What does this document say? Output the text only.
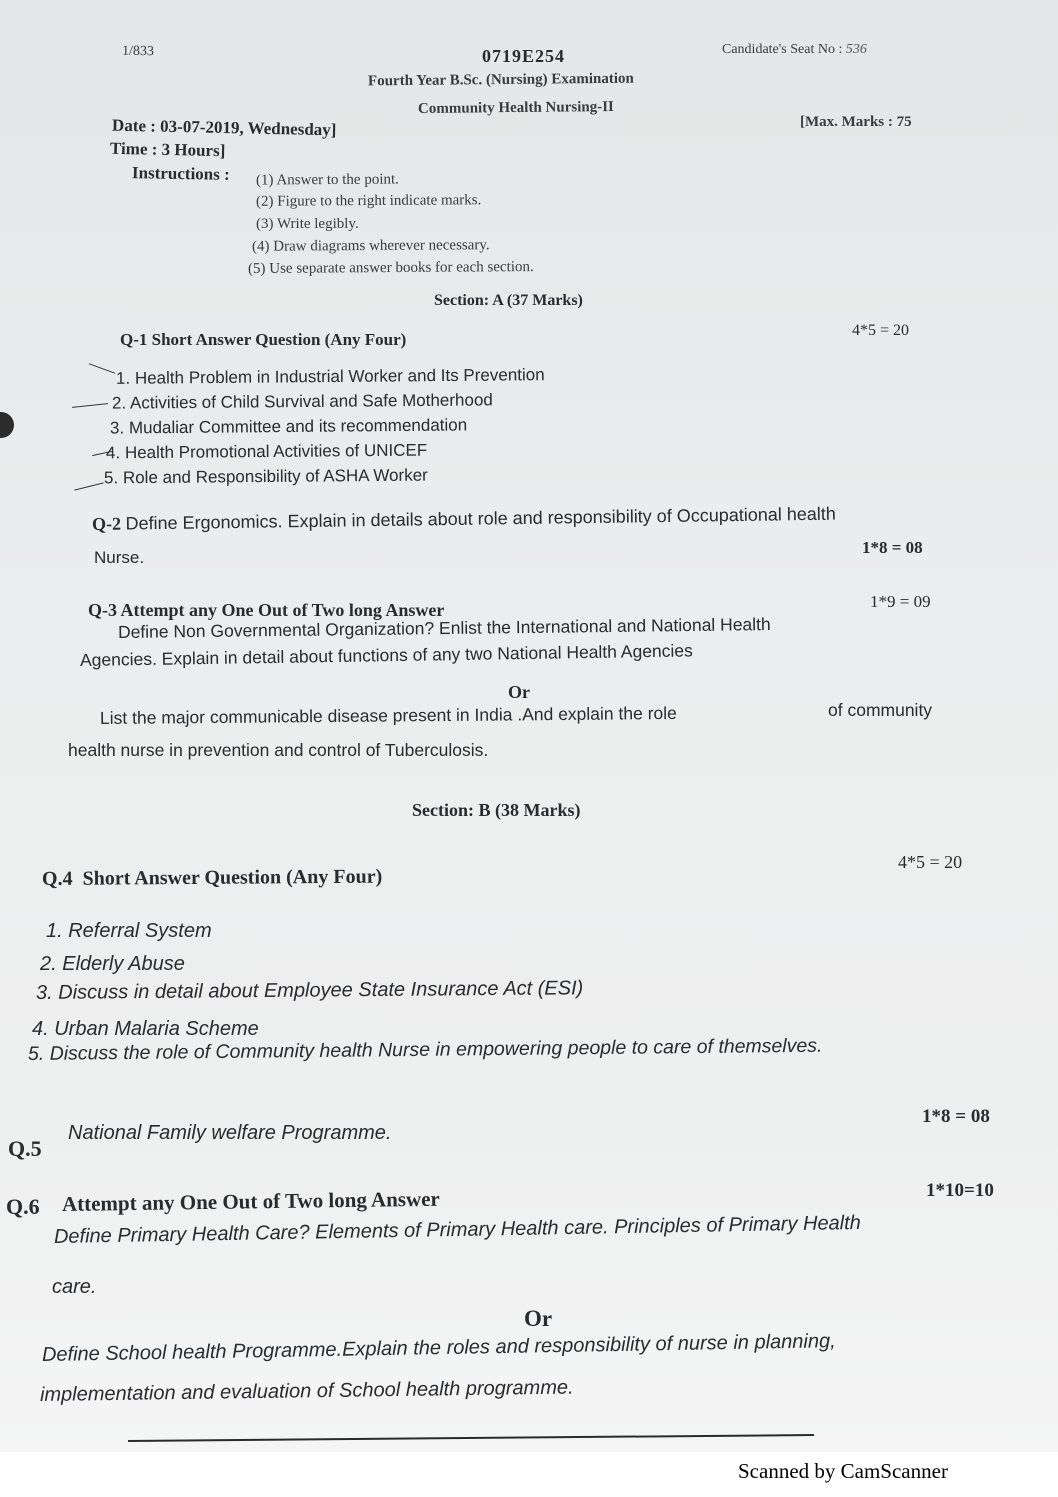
1/833	0719E254	Candidate's Seat No : 536
Fourth Year B.Sc. (Nursing) Examination
Community Health Nursing-II
Date : 03-07-2019, Wednesday]
Time : 3 Hours]
[Max. Marks : 75
Instructions : (1) Answer to the point.
(2) Figure to the right indicate marks.
(3) Write legibly.
(4) Draw diagrams wherever necessary.
(5) Use separate answer books for each section.
Section: A (37 Marks)
Q-1 Short Answer Question (Any Four)	4*5 = 20
1. Health Problem in Industrial Worker and Its Prevention
2. Activities of Child Survival and Safe Motherhood
3. Mudaliar Committee and its recommendation
4. Health Promotional Activities of UNICEF
5. Role and Responsibility of ASHA Worker
Q-2 Define Ergonomics. Explain in details about role and responsibility of Occupational health
Nurse.
1*8 = 08
Q-3 Attempt any One Out of Two long Answer	1*9 = 09
Define Non Governmental Organization? Enlist the International and National Health
Agencies. Explain in detail about functions of any two National Health Agencies
Or
List the major communicable disease present in India .And explain the role	of community
health nurse in prevention and control of Tuberculosis.
Section: B (38 Marks)
Q.4 Short Answer Question (Any Four)
4*5 = 20
1. Referral System
2. Elderly Abuse
3. Discuss in detail about Employee State Insurance Act (ESI)
4. Urban Malaria Scheme
5. Discuss the role of Community health Nurse in empowering people to care of themselves.
Q.5
National Family welfare Programme.
1*8 = 08
Q.6 Attempt any One Out of Two long Answer	1*10=10
Define Primary Health Care? Elements of Primary Health care. Principles of Primary Health
care.
Or
Define School health Programme.Explain the roles and responsibility of nurse in planning,
implementation and evaluation of School health programme.
Scanned by CamScanner
